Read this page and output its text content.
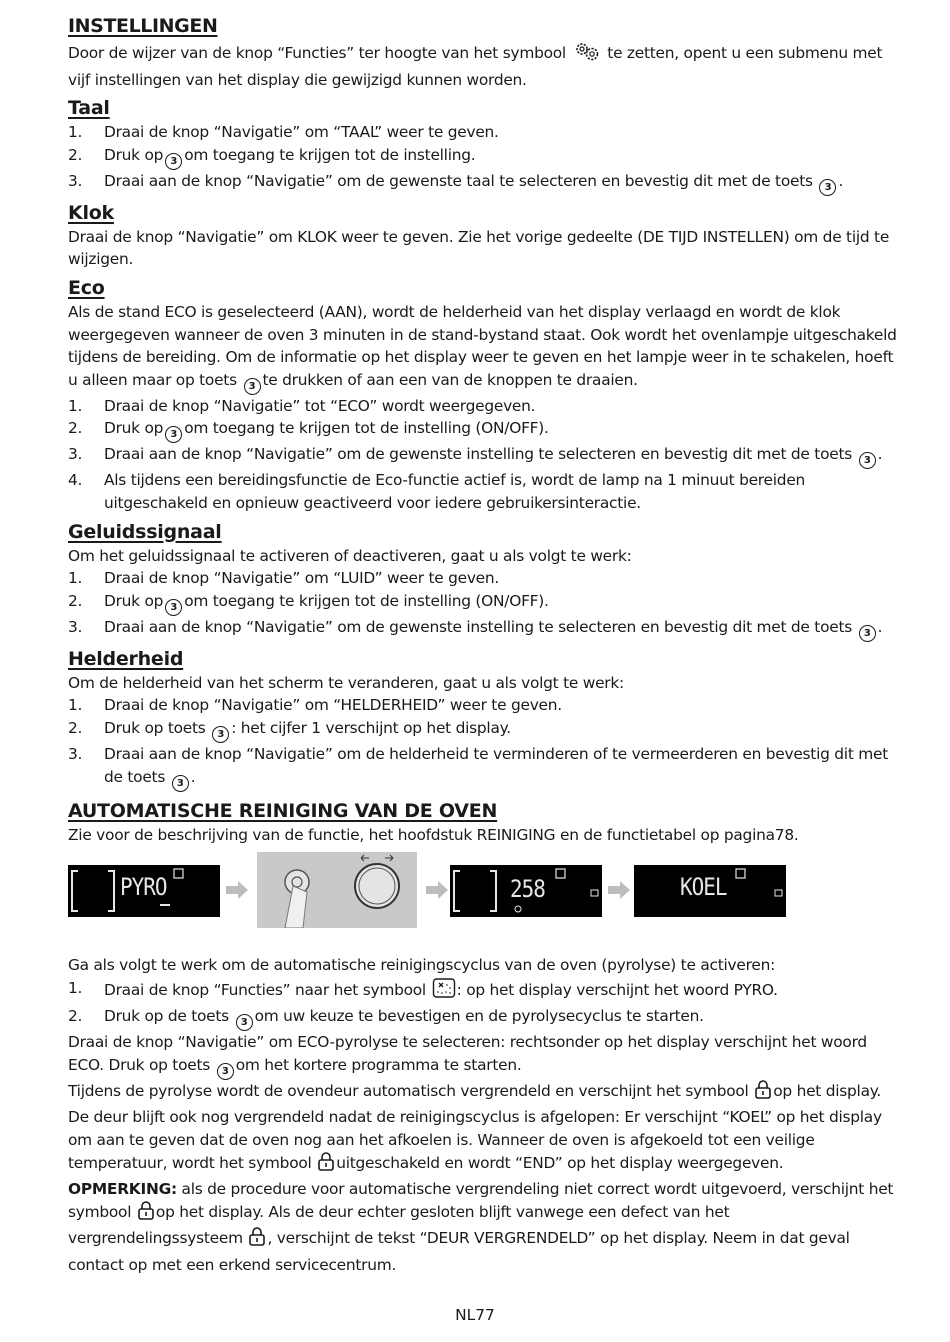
INSTELLINGEN

Door de wijzer van de knop “Functies” ter hoogte van het symbool	te zetten, opent u een submenu met vijf instellingen van het display die gewijzigd kunnen worden.

Taal
1. Draai de knop “Navigatie” om “TAAL” weer te geven.
2. Druk op 3 om toegang te krijgen tot de instelling.
3. Draai aan de knop “Navigatie” om de gewenste taal te selecteren en bevestig dit met de toets 3 .
Klok

Draai de knop “Navigatie” om KLOK weer te geven. Zie het vorige gedeelte (DE TIJD INSTELLEN) om de tijd te wijzigen.

Eco

Als de stand ECO is geselecteerd (AAN), wordt de helderheid van het display verlaagd en wordt de klok weergegeven wanneer de oven 3 minuten in de stand-bystand staat. Ook wordt het ovenlampje uitgeschakeld tijdens de bereiding. Om de informatie op het display weer te geven en het lampje weer in te schakelen, hoeft u alleen maar op toets 3 te drukken of aan een van de knoppen te draaien.

1. Draai de knop “Navigatie” tot “ECO” wordt weergegeven.
2. Druk op 3 om toegang te krijgen tot de instelling (ON/OFF).
3. Draai aan de knop “Navigatie” om de gewenste instelling te selecteren en bevestig dit met de toets 3 .
4. Als tijdens een bereidingsfunctie de Eco-functie actief is, wordt de lamp na 1 minuut bereiden uitgeschakeld en opnieuw geactiveerd voor iedere gebruikersinteractie.
Geluidssignaal

Om het geluidssignaal te activeren of deactiveren, gaat u als volgt te werk:

1. Draai de knop “Navigatie” om “LUID” weer te geven.
2. Druk op 3 om toegang te krijgen tot de instelling (ON/OFF).
3. Draai aan de knop “Navigatie” om de gewenste instelling te selecteren en bevestig dit met de toets 3 .
Helderheid

Om de helderheid van het scherm te veranderen, gaat u als volgt te werk:

1. Draai de knop “Navigatie” om “HELDERHEID” weer te geven.
2. Druk op toets 3 : het cijfer 1 verschijnt op het display.
3. Draai aan de knop “Navigatie” om de helderheid te verminderen of te vermeerderen en bevestig dit met de toets 3 .
AUTOMATISCHE REINIGING VAN DE OVEN

Zie voor de beschrijving van de functie, het hoofdstuk REINIGING en de functietabel op pagina78.

PYRO	258	KOEL

Ga als volgt te werk om de automatische reinigingscyclus van de oven (pyrolyse) te activeren:

1. Draai de knop “Functies” naar het symbool : op het display verschijnt het woord PYRO.
2. Druk op de toets 3 om uw keuze te bevestigen en de pyrolysecyclus te starten.

Draai de knop “Navigatie” om ECO-pyrolyse te selecteren: rechtsonder op het display verschijnt het woord ECO. Druk op toets 3 om het kortere programma te starten.

Tijdens de pyrolyse wordt de ovendeur automatisch vergrendeld en verschijnt het symbool op het display. De deur blijft ook nog vergrendeld nadat de reinigingscyclus is afgelopen: Er verschijnt “KOEL” op het display om aan te geven dat de oven nog aan het afkoelen is. Wanneer de oven is afgekoeld tot een veilige temperatuur, wordt het symbool uitgeschakeld en wordt “END” op het display weergegeven.

OPMERKING: als de procedure voor automatische vergrendeling niet correct wordt uitgevoerd, verschijnt het symbool op het display. Als de deur echter gesloten blijft vanwege een defect van het vergrendelingssysteem , verschijnt de tekst “DEUR VERGRENDELD” op het display. Neem in dat geval contact op met een erkend servicecentrum.

NL77
